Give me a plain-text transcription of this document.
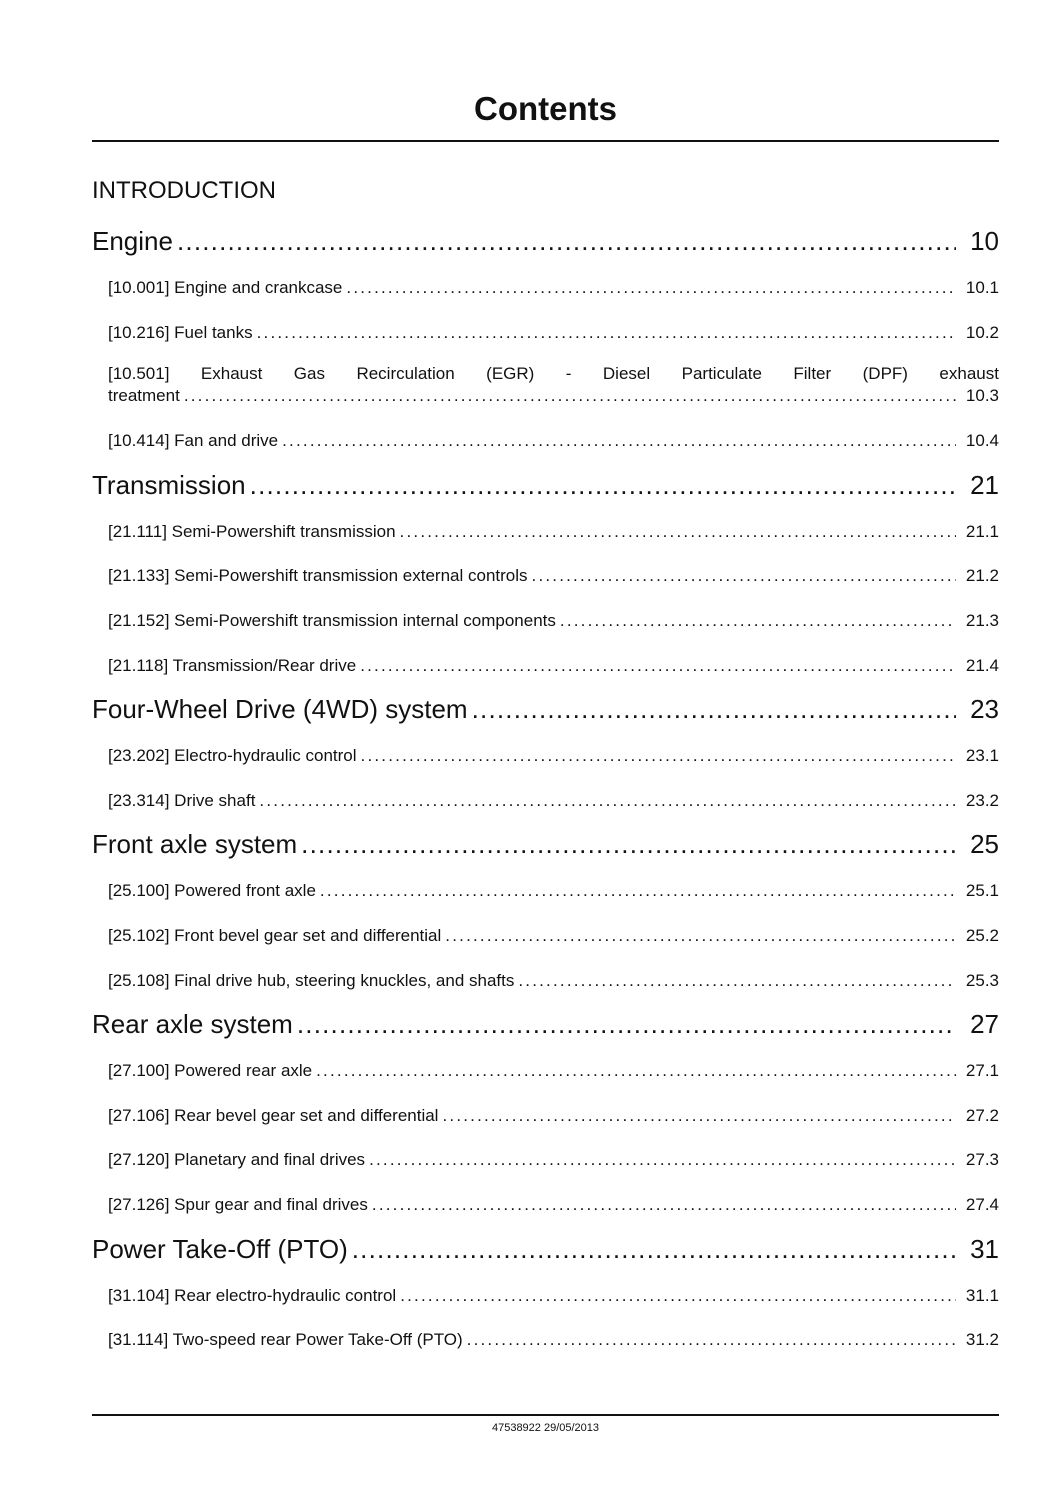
Contents
INTRODUCTION
Engine .....	10
[10.001] Engine and crankcase .....	10.1
[10.216] Fuel tanks .....	10.2
[10.501] Exhaust Gas Recirculation (EGR) - Diesel Particulate Filter (DPF) exhaust
treatment .....	10.3
[10.414] Fan and drive .....	10.4
Transmission .....	21
[21.111] Semi-Powershift transmission .....	21.1
[21.133] Semi-Powershift transmission external controls .....	21.2
[21.152] Semi-Powershift transmission internal components .....	21.3
[21.118] Transmission/Rear drive .....	21.4
Four-Wheel Drive (4WD) system .....	23
[23.202] Electro-hydraulic control .....	23.1
[23.314] Drive shaft .....	23.2
Front axle system .....	25
[25.100] Powered front axle .....	25.1
[25.102] Front bevel gear set and differential .....	25.2
[25.108] Final drive hub, steering knuckles, and shafts .....	25.3
Rear axle system .....	27
[27.100] Powered rear axle .....	27.1
[27.106] Rear bevel gear set and differential .....	27.2
[27.120] Planetary and final drives .....	27.3
[27.126] Spur gear and final drives .....	27.4
Power Take-Off (PTO) .....	31
[31.104] Rear electro-hydraulic control .....	31.1
[31.114] Two-speed rear Power Take-Off (PTO) .....	31.2
47538922 29/05/2013
